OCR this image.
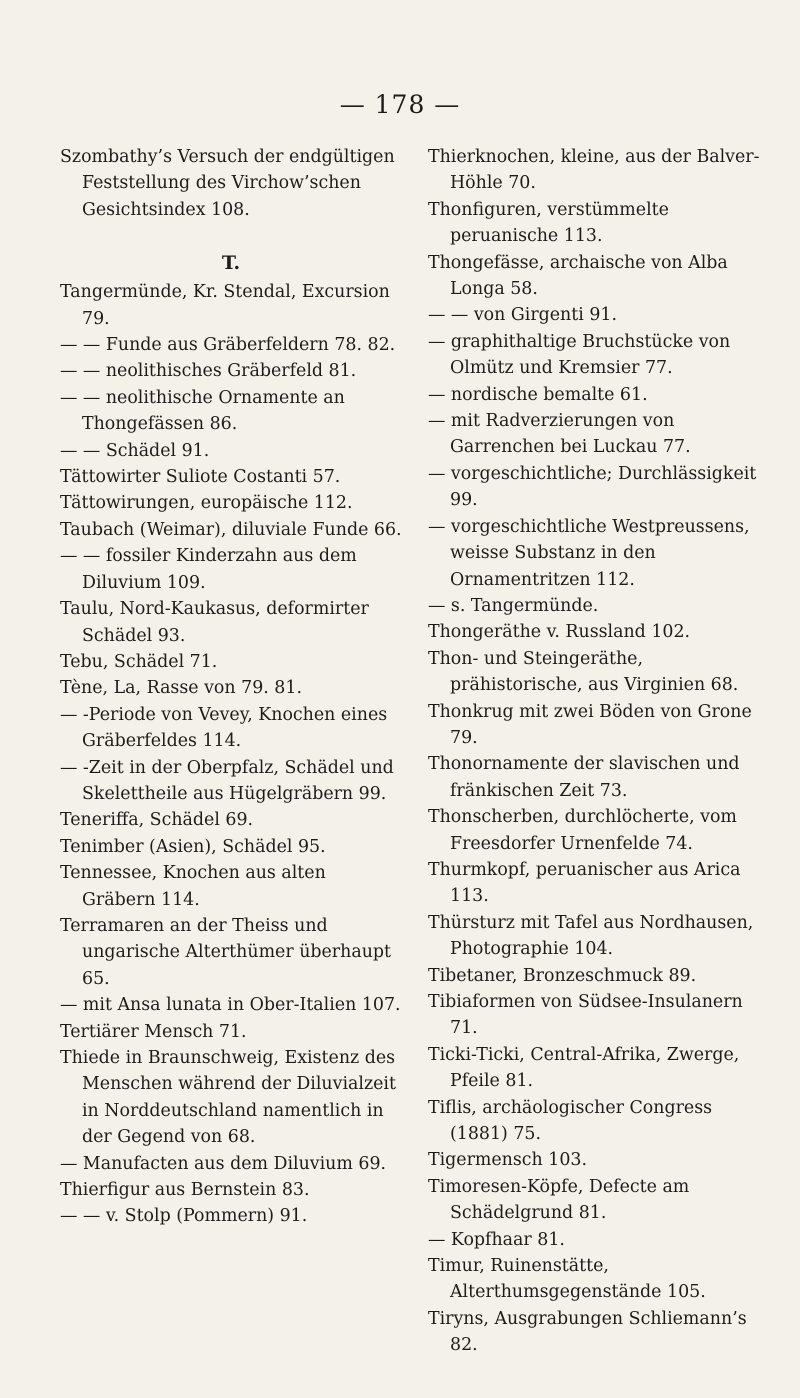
— 178 —

Szombathy’s Versuch der endgültigen Feststellung des Virchow’schen Gesichtsindex 108.

T.

Tangermünde, Kr. Stendal, Excursion 79.

— — Funde aus Gräberfeldern 78. 82.

— — neolithisches Gräberfeld 81.

— — neolithische Ornamente an Thongefässen 86.

— — Schädel 91.

Tättowirter Suliote Costanti 57.

Tättowirungen, europäische 112.

Taubach (Weimar), diluviale Funde 66.

— — fossiler Kinderzahn aus dem Diluvium 109.

Taulu, Nord-Kaukasus, deformirter Schädel 93.

Tebu, Schädel 71.

Tène, La, Rasse von 79. 81.

— -Periode von Vevey, Knochen eines Gräberfeldes 114.

— -Zeit in der Oberpfalz, Schädel und Skelettheile aus Hügelgräbern 99.

Teneriffa, Schädel 69.

Tenimber (Asien), Schädel 95.

Tennessee, Knochen aus alten Gräbern 114.

Terramaren an der Theiss und ungarische Alterthümer überhaupt 65.

— mit Ansa lunata in Ober-Italien 107.

Tertiärer Mensch 71.

Thiede in Braunschweig, Existenz des Menschen während der Diluvialzeit in Norddeutschland namentlich in der Gegend von 68.

— Manufacten aus dem Diluvium 69.

Thierfigur aus Bernstein 83.

— — v. Stolp (Pommern) 91.

Thierknochen, kleine, aus der Balver-Höhle 70.

Thonfiguren, verstümmelte peruanische 113.

Thongefässe, archaische von Alba Longa 58.

— — von Girgenti 91.

— graphithaltige Bruchstücke von Olmütz und Kremsier 77.

— nordische bemalte 61.

— mit Radverzierungen von Garrenchen bei Luckau 77.

— vorgeschichtliche; Durchlässigkeit 99.

— vorgeschichtliche Westpreussens, weisse Substanz in den Ornamentritzen 112.

— s. Tangermünde.

Thongeräthe v. Russland 102.

Thon- und Steingeräthe, prähistorische, aus Virginien 68.

Thonkrug mit zwei Böden von Grone 79.

Thonornamente der slavischen und fränkischen Zeit 73.

Thonscherben, durchlöcherte, vom Freesdorfer Urnenfelde 74.

Thurmkopf, peruanischer aus Arica 113.

Thürsturz mit Tafel aus Nordhausen, Photographie 104.

Tibetaner, Bronzeschmuck 89.

Tibiaformen von Südsee-Insulanern 71.

Ticki-Ticki, Central-Afrika, Zwerge, Pfeile 81.

Tiflis, archäologischer Congress (1881) 75.

Tigermensch 103.

Timoresen-Köpfe, Defecte am Schädelgrund 81.

— Kopfhaar 81.

Timur, Ruinenstätte, Alterthumsgegenstände 105.

Tiryns, Ausgrabungen Schliemann’s 82.
